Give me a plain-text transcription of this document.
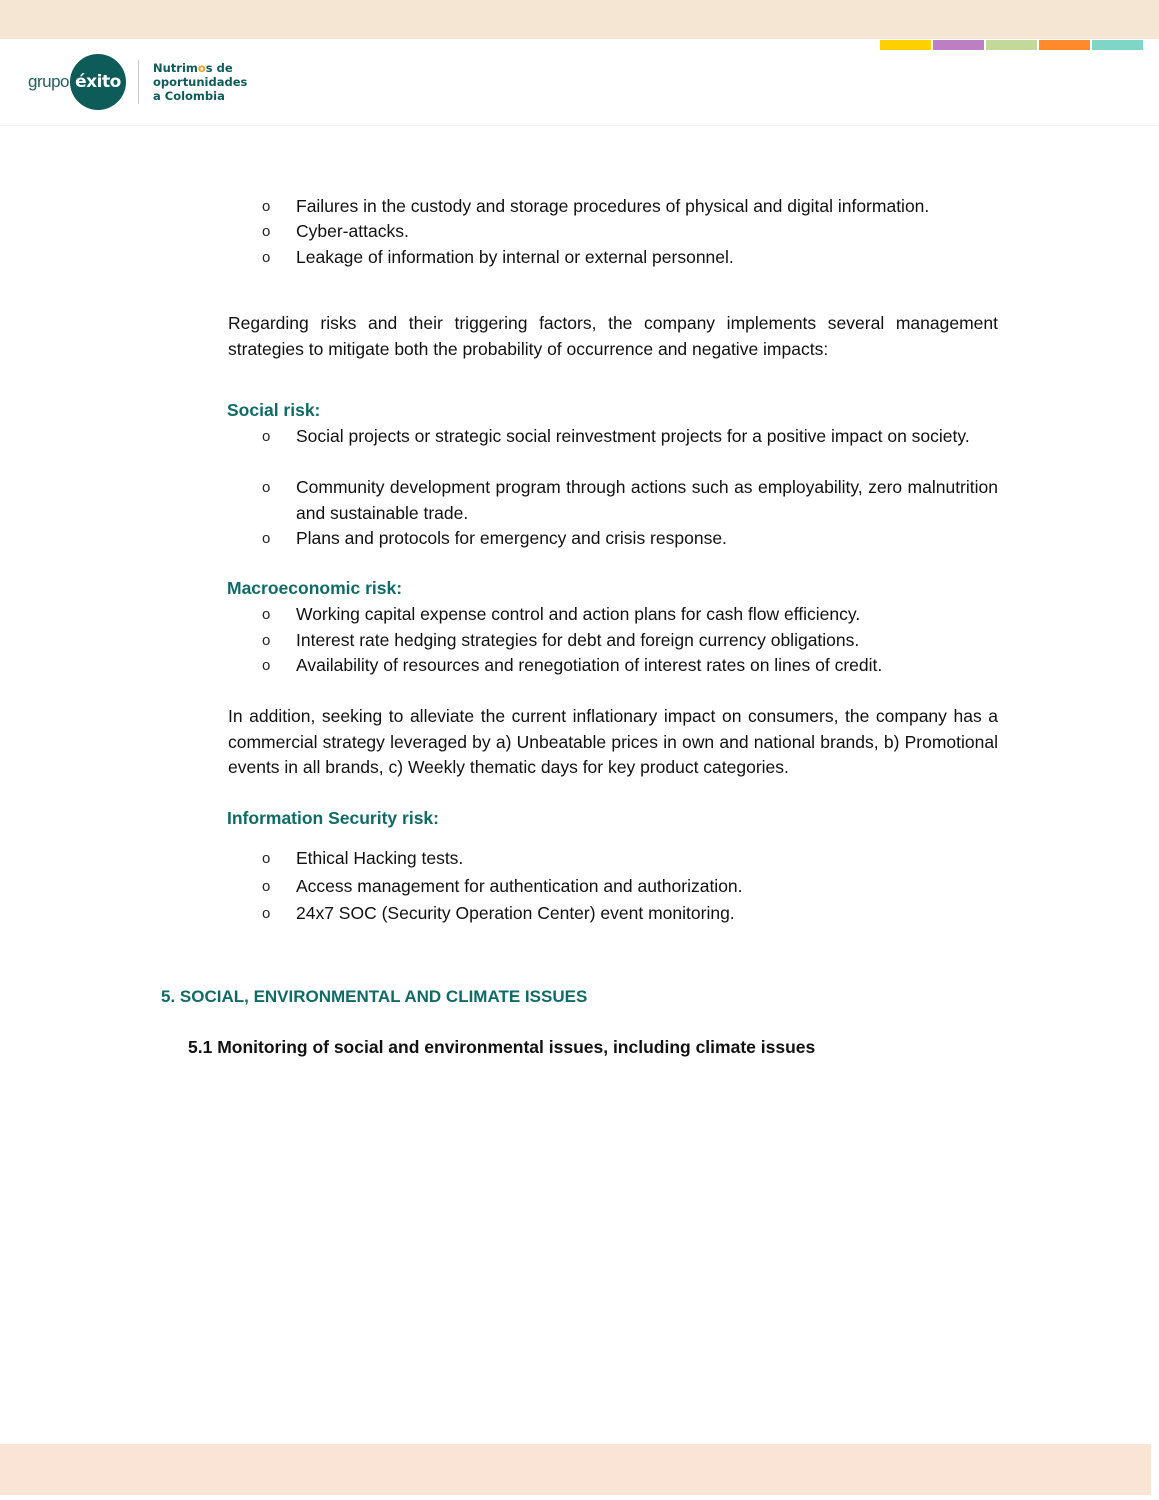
grupo éxito
Nutrimos de
oportunidades
a Colombia
o	Failures in the custody and storage procedures of physical and digital information.
o	Cyber-attacks.
o	Leakage of information by internal or external personnel.
Regarding risks and their triggering factors, the company implements several management strategies to mitigate both the probability of occurrence and negative impacts:
Social risk:
o	Social projects or strategic social reinvestment projects for a positive impact on society.
o	Community development program through actions such as employability, zero malnutrition and sustainable trade.
o	Plans and protocols for emergency and crisis response.
Macroeconomic risk:
o	Working capital expense control and action plans for cash flow efficiency.
o	Interest rate hedging strategies for debt and foreign currency obligations.
o	Availability of resources and renegotiation of interest rates on lines of credit.
In addition, seeking to alleviate the current inflationary impact on consumers, the company has a commercial strategy leveraged by a) Unbeatable prices in own and national brands, b) Promotional events in all brands, c) Weekly thematic days for key product categories.
Information Security risk:
o	Ethical Hacking tests.
o	Access management for authentication and authorization.
o	24x7 SOC (Security Operation Center) event monitoring.
5. SOCIAL, ENVIRONMENTAL AND CLIMATE ISSUES
5.1 Monitoring of social and environmental issues, including climate issues
